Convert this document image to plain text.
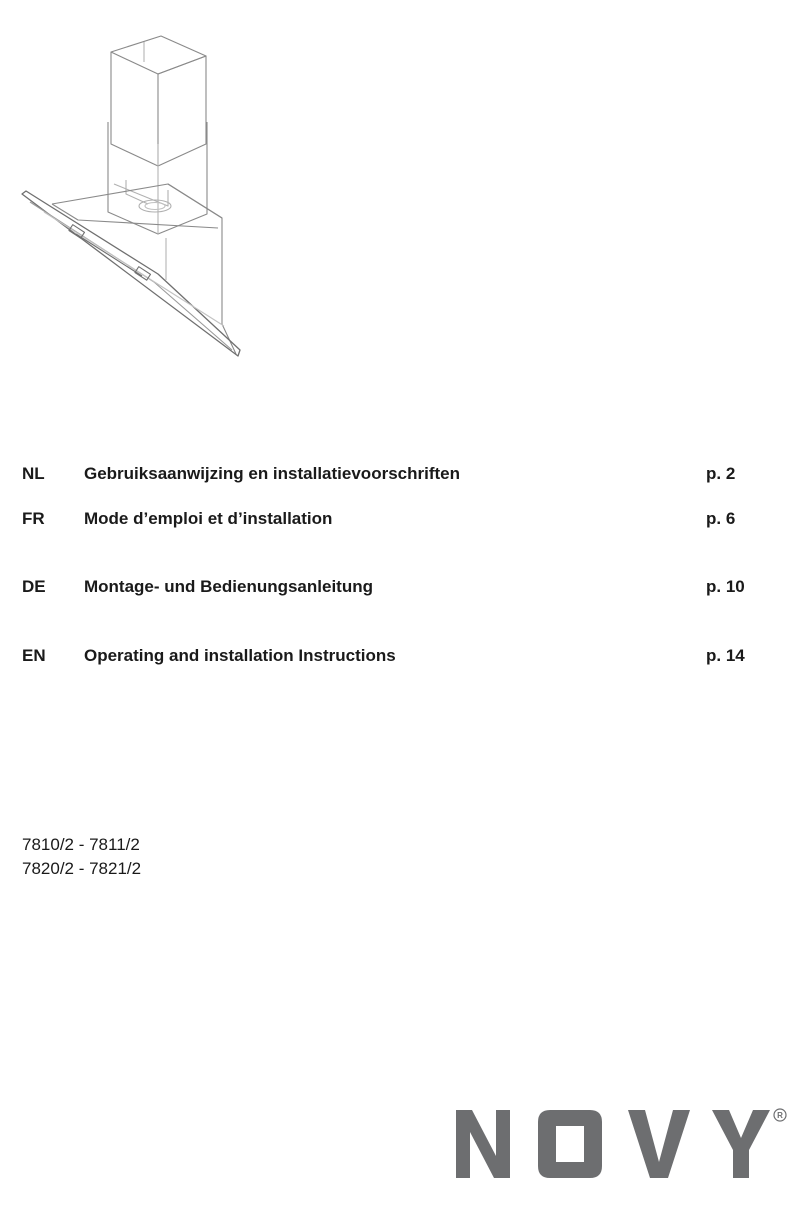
NL Gebruiksaanwijzing en installatievoorschriften	p. 2
FR Mode d’emploi et d’installation	p. 6
DE Montage- und Bedienungsanleitung	p. 10
EN Operating and installation Instructions	p. 14
7810/2 - 7811/2
7820/2 - 7821/2
R
